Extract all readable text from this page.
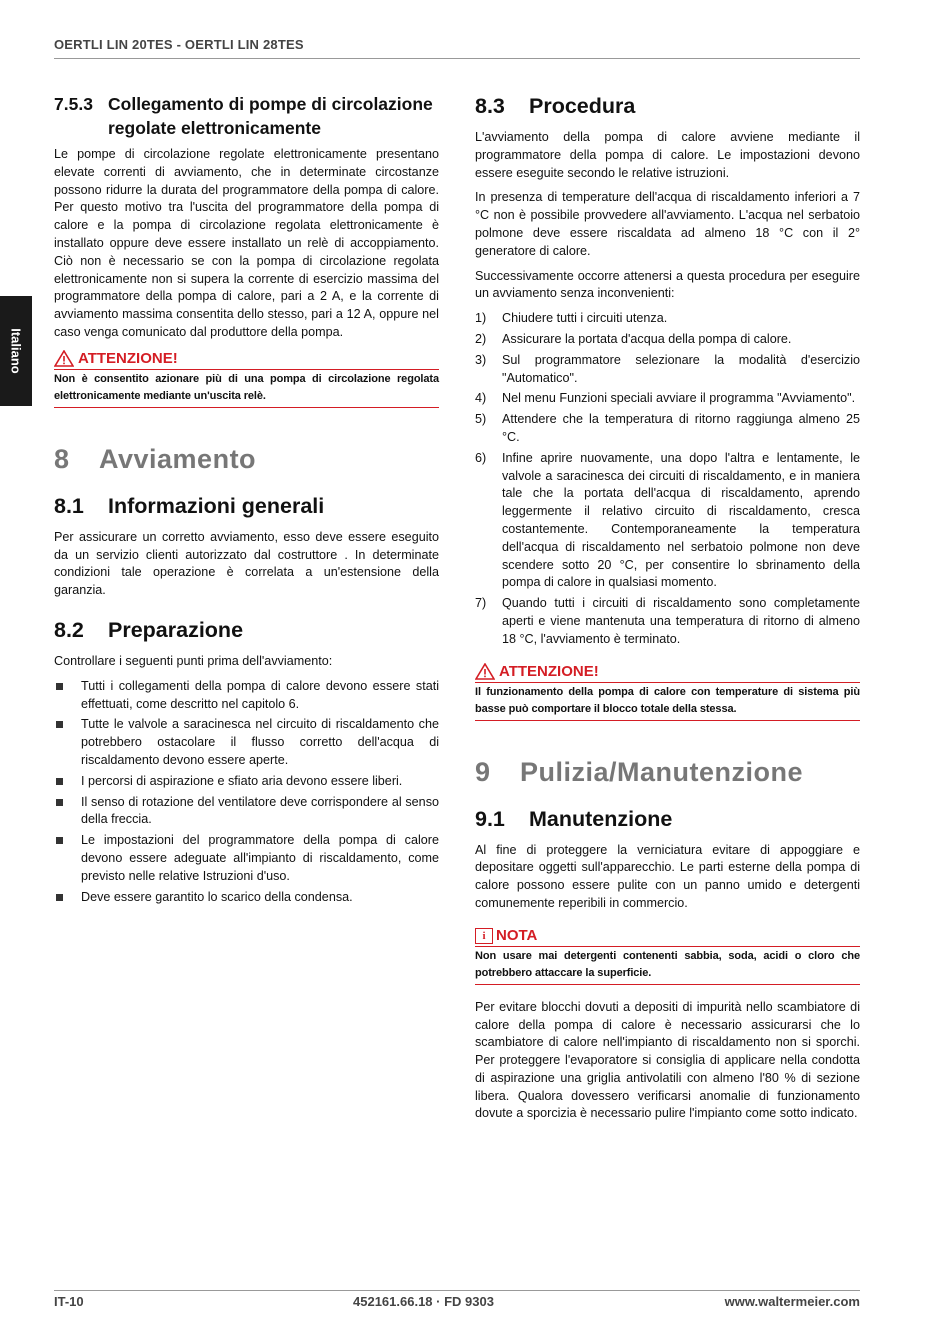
OERTLI LIN 20TES - OERTLI LIN 28TES
Italiano
7.5.3 Collegamento di pompe di circolazione regolate elettronicamente

Le pompe di circolazione regolate elettronicamente presentano elevate correnti di avviamento, che in determinate circostanze possono ridurre la durata del programmatore della pompa di calore. Per questo motivo tra l'uscita del programmatore della pompa di calore e la pompa di circolazione regolata elettronicamente è installato oppure deve essere installato un relè di accoppiamento. Ciò non è necessario se con la pompa di circolazione regolata elettronicamente non si supera la corrente di esercizio massima del programmatore della pompa di calore, pari a 2 A, e la corrente di avviamento massima consentita dello stesso, pari a 12 A, oppure nel caso venga comunicato dal produttore della pompa.

ATTENZIONE!
Non è consentito azionare più di una pompa di circolazione regolata elettronicamente mediante un'uscita relè.
8	Avviamento
8.1	Informazioni generali

Per assicurare un corretto avviamento, esso deve essere eseguito da un servizio clienti autorizzato dal costruttore . In determinate condizioni tale operazione è correlata a un'estensione della garanzia.

8.2	Preparazione

Controllare i seguenti punti prima dell'avviamento:

Tutti i collegamenti della pompa di calore devono essere stati effettuati, come descritto nel capitolo 6.
Tutte le valvole a saracinesca nel circuito di riscaldamento che potrebbero ostacolare il flusso corretto dell'acqua di riscaldamento devono essere aperte.
I percorsi di aspirazione e sfiato aria devono essere liberi.
Il senso di rotazione del ventilatore deve corrispondere al senso della freccia.
Le impostazioni del programmatore della pompa di calore devono essere adeguate all'impianto di riscaldamento, come previsto nelle relative Istruzioni d'uso.
Deve essere garantito lo scarico della condensa.
8.3	Procedura

L'avviamento della pompa di calore avviene mediante il programmatore della pompa di calore. Le impostazioni devono essere eseguite secondo le relative istruzioni.

In presenza di temperature dell'acqua di riscaldamento inferiori a 7 °C non è possibile provvedere all'avviamento. L'acqua nel serbatoio polmone deve essere riscaldata ad almeno 18 °C con il 2° generatore di calore.

Successivamente occorre attenersi a questa procedura per eseguire un avviamento senza inconvenienti:

1)	Chiudere tutti i circuiti utenza.
2)	Assicurare la portata d'acqua della pompa di calore.
3)	Sul programmatore selezionare la modalità d'esercizio "Automatico".
4)	Nel menu Funzioni speciali avviare il programma "Avviamento".
5)	Attendere che la temperatura di ritorno raggiunga almeno 25 °C.
6)	Infine aprire nuovamente, una dopo l'altra e lentamente, le valvole a saracinesca dei circuiti di riscaldamento, e in maniera tale che la portata dell'acqua di riscaldamento, aprendo leggermente il relativo circuito di riscaldamento, cresca costantemente. Contemporaneamente la temperatura dell'acqua di riscaldamento nel serbatoio polmone non deve scendere sotto 20 °C, per consentire lo sbrinamento della pompa di calore in qualsiasi momento.
7)	Quando tutti i circuiti di riscaldamento sono completamente aperti e viene mantenuta una temperatura di ritorno di almeno 18 °C, l'avviamento è terminato.
ATTENZIONE!
Il funzionamento della pompa di calore con temperature di sistema più basse può comportare il blocco totale della stessa.
9	Pulizia/Manutenzione
9.1	Manutenzione

Al fine di proteggere la verniciatura evitare di appoggiare e depositare oggetti sull'apparecchio. Le parti esterne della pompa di calore possono essere pulite con un panno umido e detergenti comunemente reperibili in commercio.

i NOTA
Non usare mai detergenti contenenti sabbia, soda, acidi o cloro che potrebbero attaccare la superficie.

Per evitare blocchi dovuti a depositi di impurità nello scambiatore di calore della pompa di calore è necessario assicurarsi che lo scambiatore di calore nell'impianto di riscaldamento non si sporchi. Per proteggere l'evaporatore si consiglia di applicare nella condotta di aspirazione una griglia antivolatili con almeno l'80 % di sezione libera. Qualora dovessero verificarsi anomalie di funzionamento dovute a sporcizia è necessario pulire l'impianto come sotto indicato.

IT-10	452161.66.18 · FD 9303	www.waltermeier.com
